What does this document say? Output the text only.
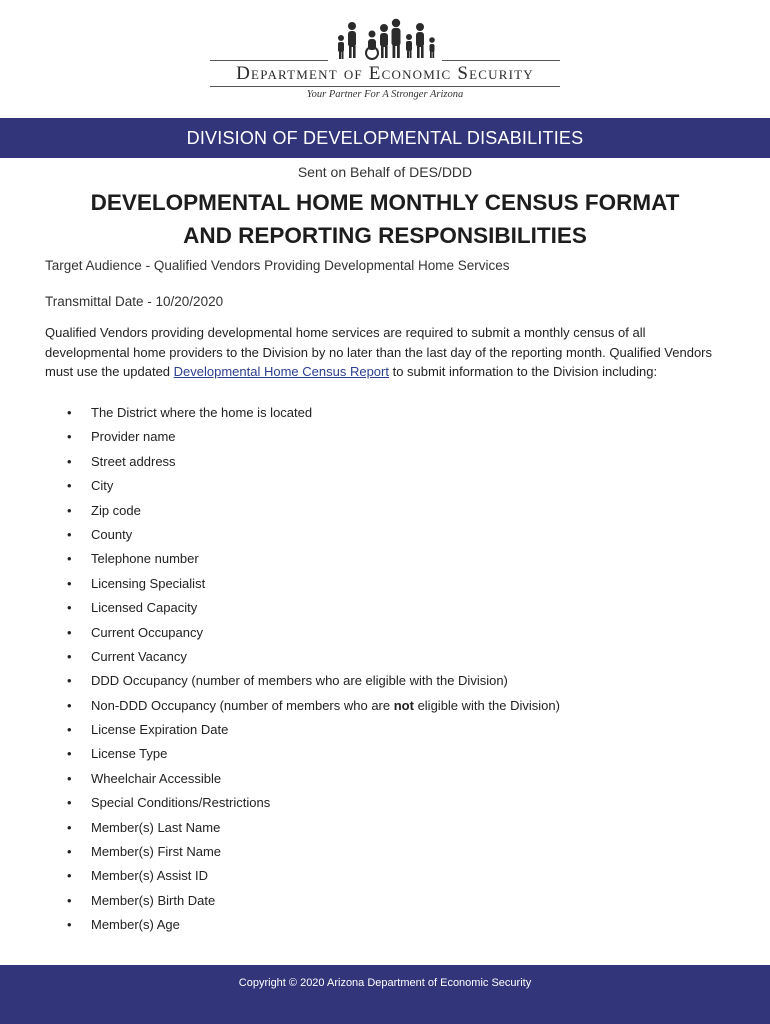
Department of Economic Security
Your Partner For A Stronger Arizona
DIVISION OF DEVELOPMENTAL DISABILITIES
Sent on Behalf of DES/DDD
DEVELOPMENTAL HOME MONTHLY CENSUS FORMAT
AND REPORTING RESPONSIBILITIES
Target Audience - Qualified Vendors Providing Developmental Home Services
Transmittal Date - 10/20/2020
Qualified Vendors providing developmental home services are required to submit a monthly census of all developmental home providers to the Division by no later than the last day of the reporting month. Qualified Vendors must use the updated Developmental Home Census Report to submit information to the Division including:
• The District where the home is located
• Provider name
• Street address
• City
• Zip code
• County
• Telephone number
• Licensing Specialist
• Licensed Capacity
• Current Occupancy
• Current Vacancy
• DDD Occupancy (number of members who are eligible with the Division)
• Non-DDD Occupancy (number of members who are not eligible with the Division)
• License Expiration Date
• License Type
• Wheelchair Accessible
• Special Conditions/Restrictions
• Member(s) Last Name
• Member(s) First Name
• Member(s) Assist ID
• Member(s) Birth Date
• Member(s) Age
Copyright © 2020 Arizona Department of Economic Security
